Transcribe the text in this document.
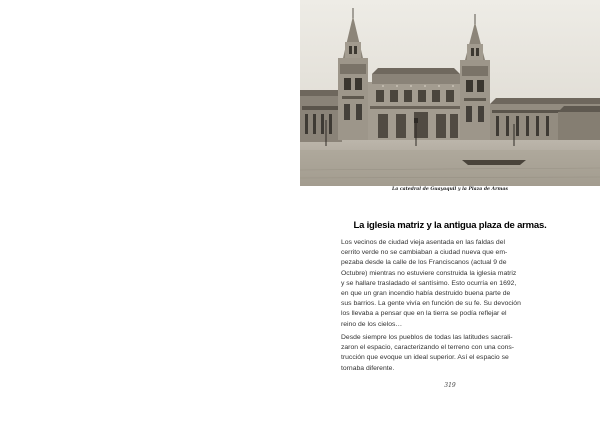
La catedral de Guayaquil y la Plaza de Armas
La iglesia matriz y la antigua plaza de armas.
Los vecinos de ciudad vieja asentada en las faldas del
cerrito verde no se cambiaban a ciudad nueva que em-
pezaba desde la calle de los Franciscanos (actual 9 de
Octubre) mientras no estuviere construida la iglesia matriz
y se hallare trasladado el santísimo. Esto ocurría en 1692,
en que un gran incendio había destruido buena parte de
sus barrios. La gente vivía en función de su fe. Su devoción
los llevaba a pensar que en la tierra se podía reflejar el
reino de los cielos…
Desde siempre los pueblos de todas las latitudes sacrali-
zaron el espacio, caracterizando el terreno con una cons-
trucción que evoque un ideal superior. Así el espacio se
tornaba diferente.
319
